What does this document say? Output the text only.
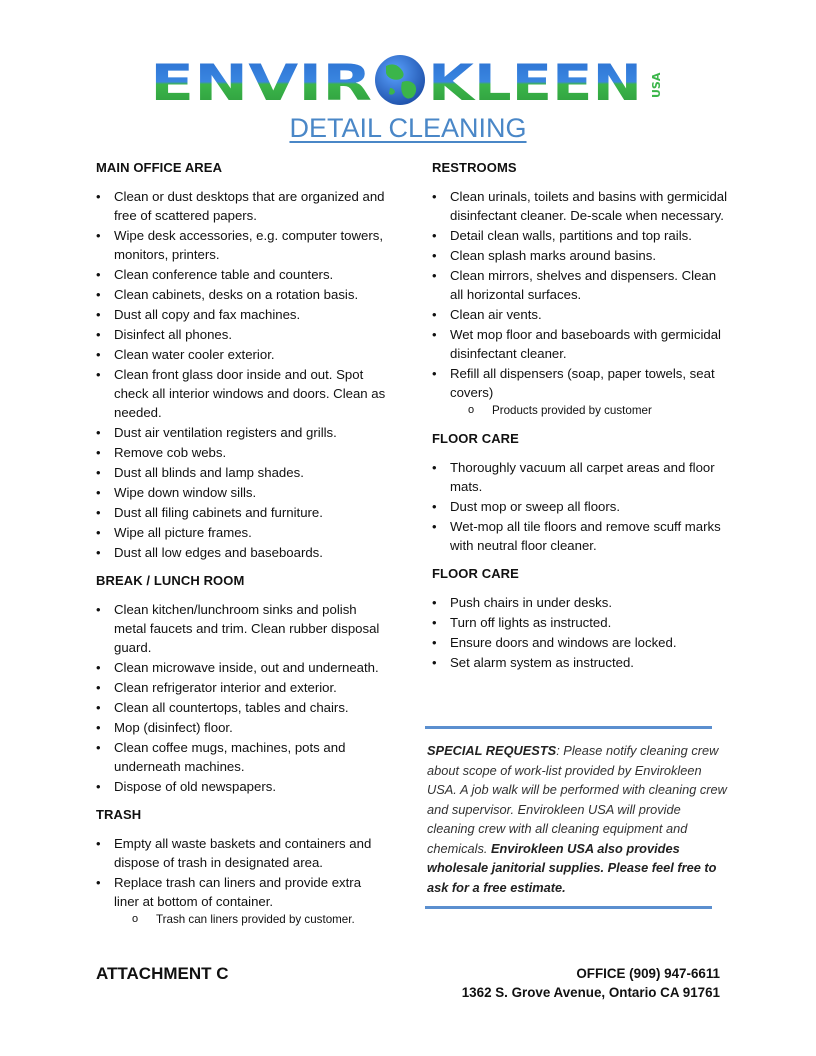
ENVIR KLEEN USA
DETAIL CLEANING
MAIN OFFICE AREA
• Clean or dust desktops that are organized and free of scattered papers.
• Wipe desk accessories, e.g. computer towers, monitors, printers.
• Clean conference table and counters.
• Clean cabinets, desks on a rotation basis.
• Dust all copy and fax machines.
• Disinfect all phones.
• Clean water cooler exterior.
• Clean front glass door inside and out. Spot check all interior windows and doors. Clean as needed.
• Dust air ventilation registers and grills.
• Remove cob webs.
• Dust all blinds and lamp shades.
• Wipe down window sills.
• Dust all filing cabinets and furniture.
• Wipe all picture frames.
• Dust all low edges and baseboards.
BREAK / LUNCH ROOM
• Clean kitchen/lunchroom sinks and polish metal faucets and trim. Clean rubber disposal guard.
• Clean microwave inside, out and underneath.
• Clean refrigerator interior and exterior.
• Clean all countertops, tables and chairs.
• Mop (disinfect) floor.
• Clean coffee mugs, machines, pots and underneath machines.
• Dispose of old newspapers.
TRASH
• Empty all waste baskets and containers and dispose of trash in designated area.
• Replace trash can liners and provide extra liner at bottom of container.
o Trash can liners provided by customer.
RESTROOMS
• Clean urinals, toilets and basins with germicidal disinfectant cleaner. De-scale when necessary.
• Detail clean walls, partitions and top rails.
• Clean splash marks around basins.
• Clean mirrors, shelves and dispensers. Clean all horizontal surfaces.
• Clean air vents.
• Wet mop floor and baseboards with germicidal disinfectant cleaner.
• Refill all dispensers (soap, paper towels, seat covers)
o Products provided by customer
FLOOR CARE
• Thoroughly vacuum all carpet areas and floor mats.
• Dust mop or sweep all floors.
• Wet-mop all tile floors and remove scuff marks with neutral floor cleaner.
FLOOR CARE
• Push chairs in under desks.
• Turn off lights as instructed.
• Ensure doors and windows are locked.
• Set alarm system as instructed.
SPECIAL REQUESTS: Please notify cleaning crew about scope of work-list provided by Envirokleen USA. A job walk will be performed with cleaning crew and supervisor. Envirokleen USA will provide cleaning crew with all cleaning equipment and chemicals. Envirokleen USA also provides wholesale janitorial supplies. Please feel free to ask for a free estimate.
ATTACHMENT C	OFFICE (909) 947-6611
1362 S. Grove Avenue, Ontario CA 91761
